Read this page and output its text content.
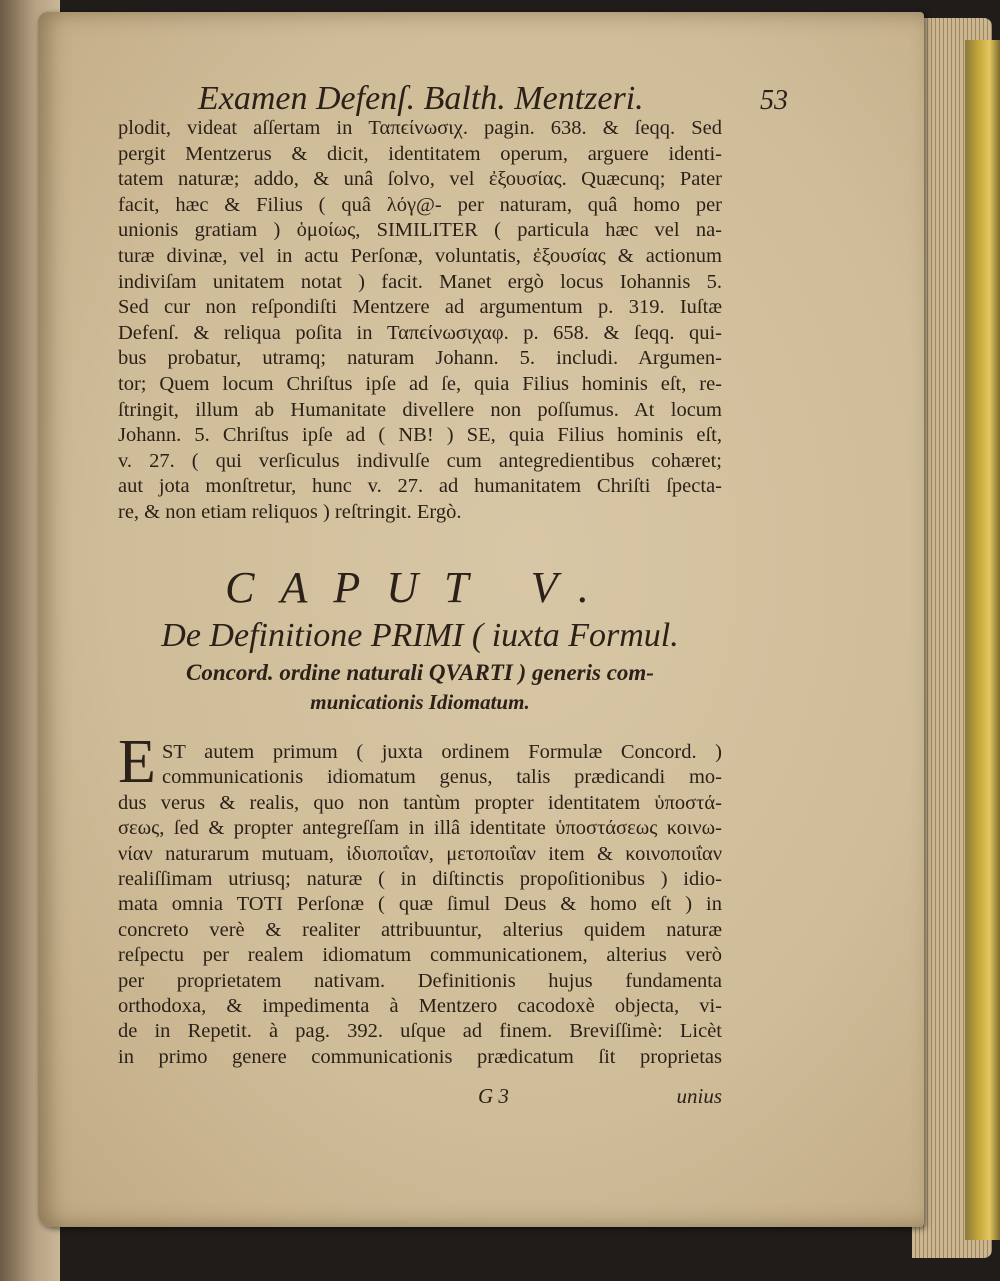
Examen Defenſ. Balth. Mentzeri.	53
plodit, videat aſſertam in Ταπϵίνωσιχ. pagin. 638. & ſeqq. Sed
pergit Mentzerus & dicit, identitatem operum, arguere identi-
tatem naturæ; addo, & unâ ſolvo, vel ἐξουσίας. Quæcunq; Pater
facit, hæc & Filius ( quâ λόγ@- per naturam, quâ homo per
unionis gratiam ) ὁμοίως, SIMILITER ( particula hæc vel na-
turæ divinæ, vel in actu Perſonæ, voluntatis, ἐξουσίας & actionum
indiviſam unitatem notat ) facit. Manet ergò locus Iohannis 5.
Sed cur non reſpondiſti Mentzere ad argumentum p. 319. Iuſtæ
Defenſ. & reliqua poſita in Ταπϵίνωσιχαφ. p. 658. & ſeqq. qui-
bus probatur, utramq; naturam Johann. 5. includi. Argumen-
tor; Quem locum Chriſtus ipſe ad ſe, quia Filius hominis eſt, re-
ſtringit, illum ab Humanitate divellere non poſſumus. At locum
Johann. 5. Chriſtus ipſe ad ( NB! ) SE, quia Filius hominis eſt,
v. 27. ( qui verſiculus indivulſe cum antegredientibus cohæret;
aut jota monſtretur, hunc v. 27. ad humanitatem Chriſti ſpecta-
re, & non etiam reliquos ) reſtringit. Ergò.
CAPUT V.
De Definitione PRIMI ( iuxta Formul.
Concord. ordine naturali QVARTI ) generis com-
municationis Idiomatum.
E ST autem primum ( juxta ordinem Formulæ Concord. )
communicationis idiomatum genus, talis prædicandi mo-
dus verus & realis, quo non tantùm propter identitatem ὑποστά-
σεως, ſed & propter antegreſſam in illâ identitate ὑποστάσεως κοινω-
νίαν naturarum mutuam, ἰδιοποιΐαν, μετοποιΐαν item & κοινοποιΐαν
realiſſimam utriusq; naturæ ( in diſtinctis propoſitionibus ) idio-
mata omnia TOTI Perſonæ ( quæ ſimul Deus & homo eſt ) in
concreto verè & realiter attribuuntur, alterius quidem naturæ
reſpectu per realem idiomatum communicationem, alterius verò
per proprietatem nativam. Definitionis hujus fundamenta
orthodoxa, & impedimenta à Mentzero cacodoxè objecta, vi-
de in Repetit. à pag. 392. uſque ad finem. Breviſſimè: Licèt
in primo genere communicationis prædicatum ſit proprietas
G 3	unius
